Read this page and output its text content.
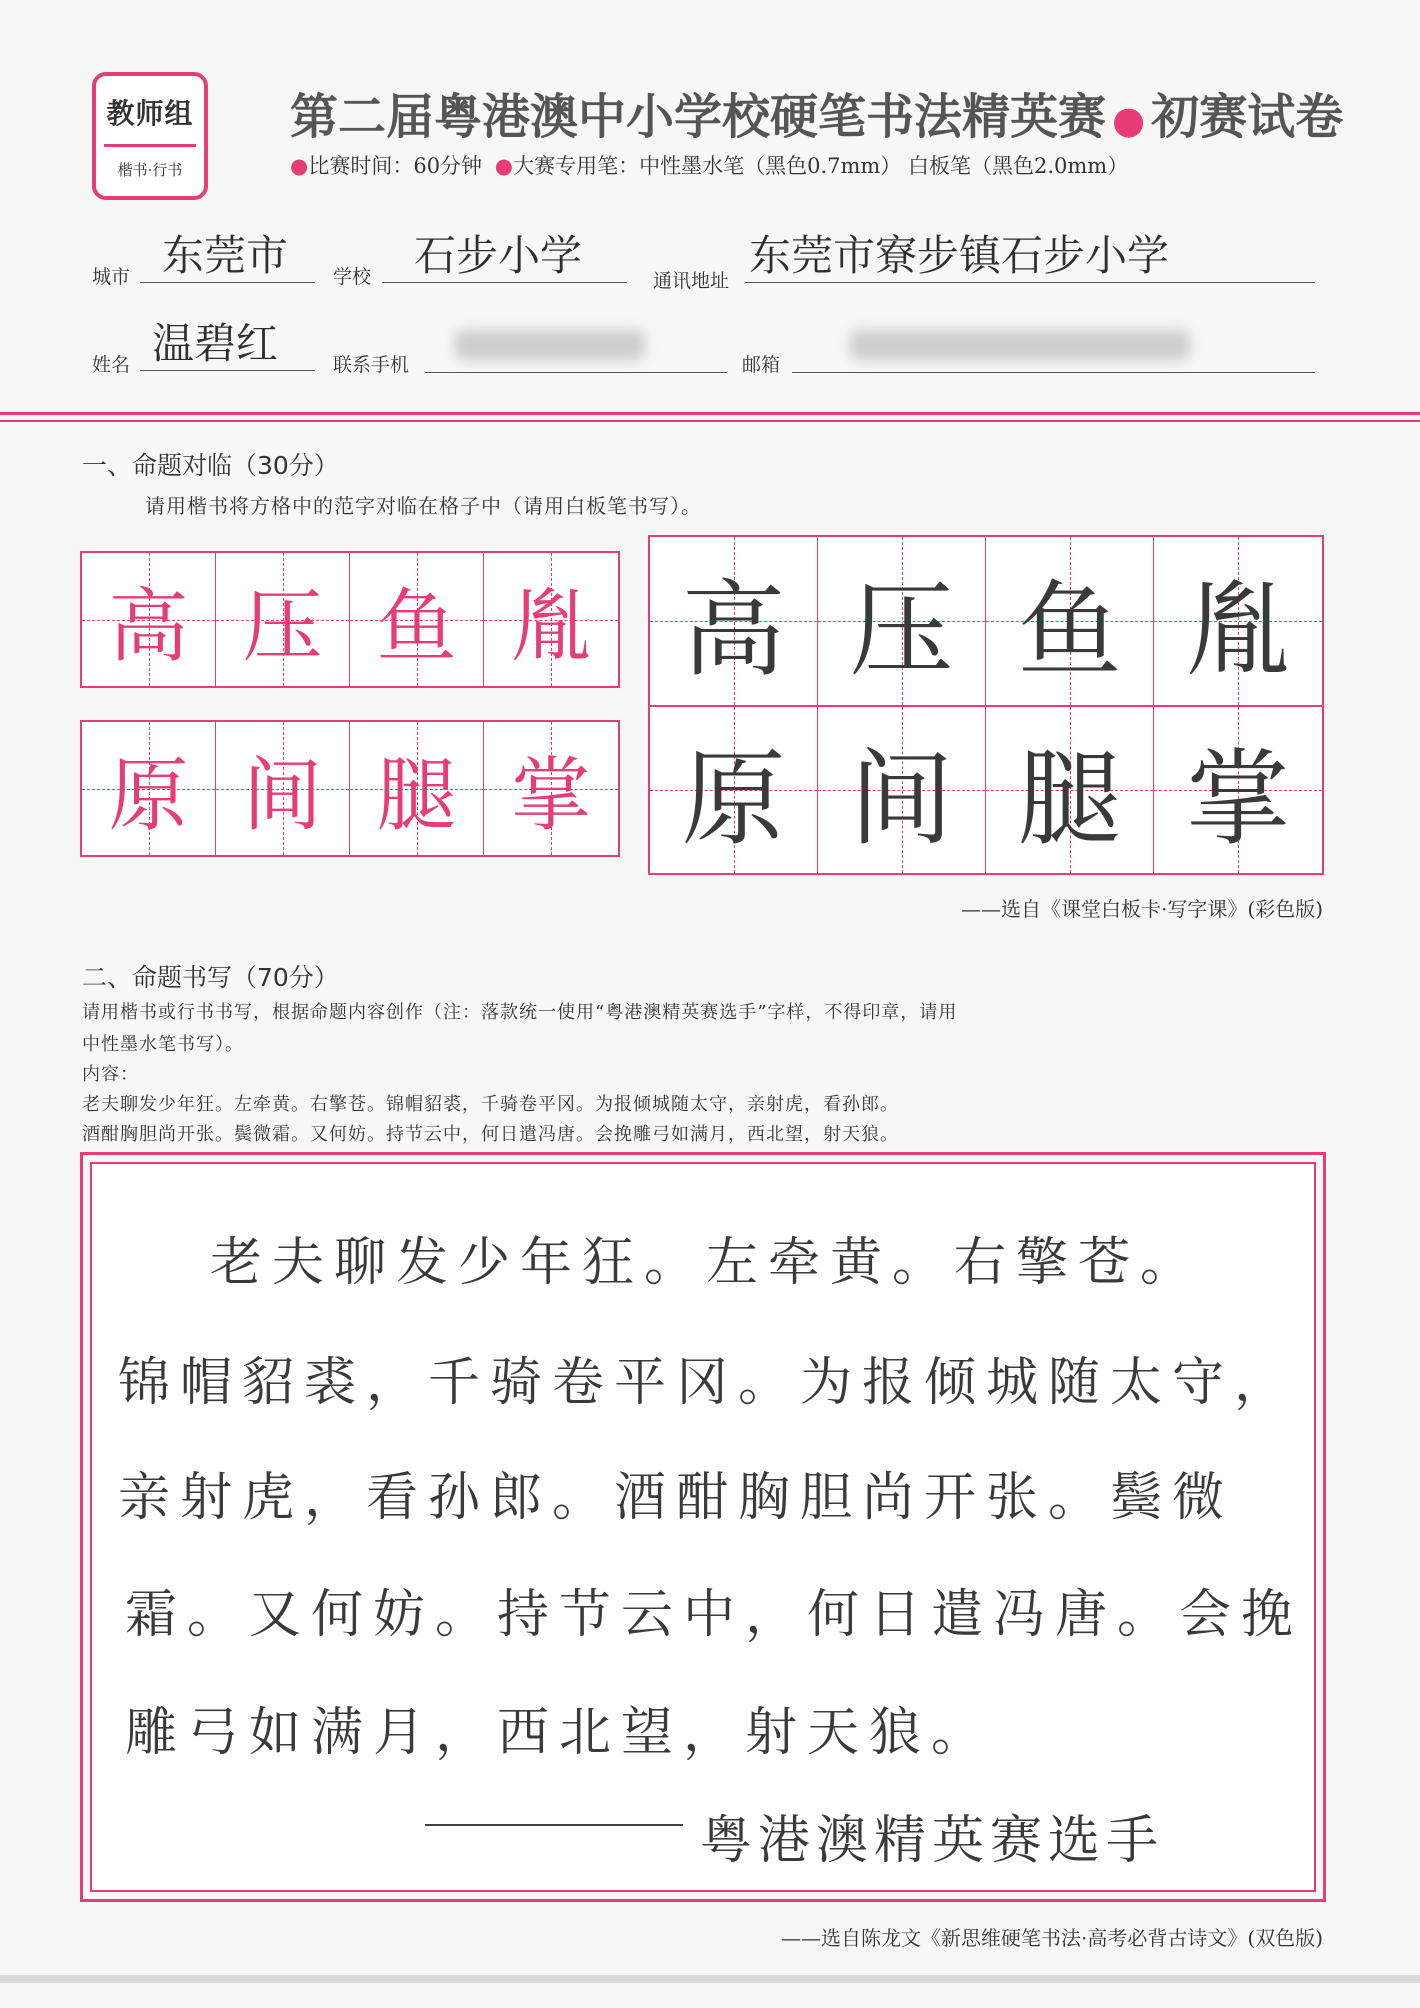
教师组
楷书·行书
第二届粤港澳中小学校硬笔书法精英赛 ● 初赛试卷
●比赛时间：60分钟 ●大赛专用笔：中性墨水笔（黑色0.7mm） 白板笔（黑色2.0mm）
城市 东莞市	学校	石步小学
通讯地址
东莞市寮步镇石步小学
姓名 温碧红	联系手机	邮箱
一、命题对临（30分）
请用楷书将方格中的范字对临在格子中（请用白板笔书写）。
高 压 鱼 胤
原 间 腿 掌
高 压 鱼 胤
原 间 腿 掌
——选自《课堂白板卡·写字课》(彩色版)
二、命题书写（70分）
请用楷书或行书书写，根据命题内容创作（注：落款统一使用“粤港澳精英赛选手”字样，不得印章，请用
中性墨水笔书写）。
内容：
老夫聊发少年狂。左牵黄。右擎苍。锦帽貂裘，千骑卷平冈。为报倾城随太守，亲射虎，看孙郎。
酒酣胸胆尚开张。鬓微霜。又何妨。持节云中，何日遣冯唐。会挽雕弓如满月，西北望，射天狼。
老夫聊发少年狂。左牵黄。右擎苍。
锦帽貂裘，千骑卷平冈。为报倾城随太守，
亲射虎，看孙郎。酒酣胸胆尚开张。鬓微
霜。又何妨。持节云中，何日遣冯唐。会挽
雕弓如满月，西北望，射天狼。
粤港澳精英赛选手
——选自陈龙文《新思维硬笔书法·高考必背古诗文》(双色版)
